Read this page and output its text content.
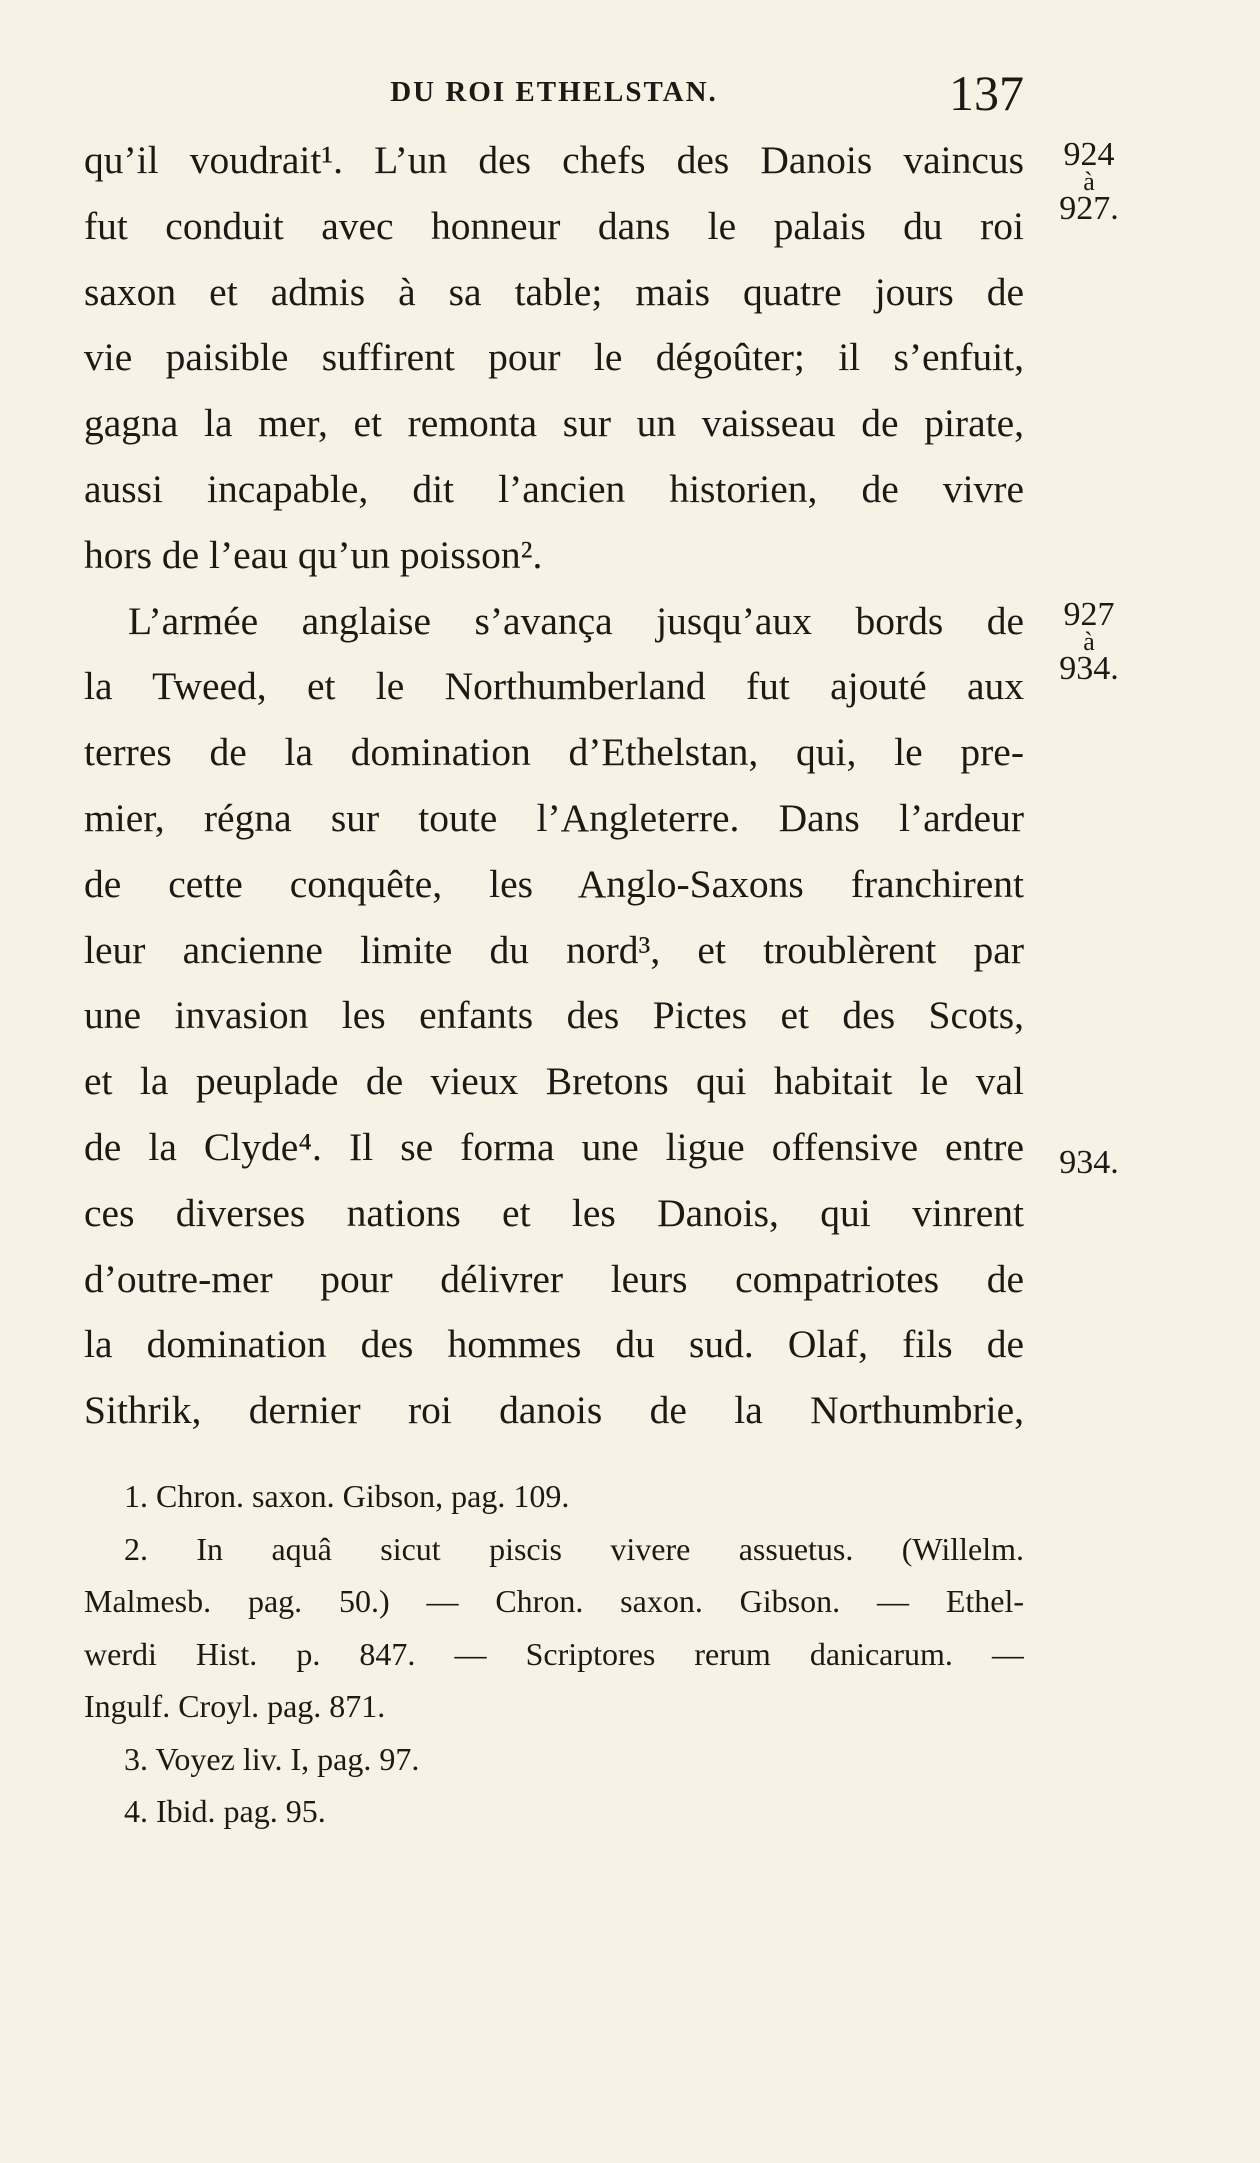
DU ROI ETHELSTAN.	137
qu’il voudrait¹. L’un des chefs des Danois vaincus
fut conduit avec honneur dans le palais du roi
saxon et admis à sa table; mais quatre jours de
vie paisible suffirent pour le dégoûter; il s’enfuit,
gagna la mer, et remonta sur un vaisseau de pirate,
aussi incapable, dit l’ancien historien, de vivre
hors de l’eau qu’un poisson².
L’armée anglaise s’avança jusqu’aux bords de
la Tweed, et le Northumberland fut ajouté aux
terres de la domination d’Ethelstan, qui, le pre-
mier, régna sur toute l’Angleterre. Dans l’ardeur
de cette conquête, les Anglo-Saxons franchirent
leur ancienne limite du nord³, et troublèrent par
une invasion les enfants des Pictes et des Scots,
et la peuplade de vieux Bretons qui habitait le val
de la Clyde⁴. Il se forma une ligue offensive entre
ces diverses nations et les Danois, qui vinrent
d’outre-mer pour délivrer leurs compatriotes de
la domination des hommes du sud. Olaf, fils de
Sithrik, dernier roi danois de la Northumbrie,
924
à
927.
927
à
934.
934.
1. Chron. saxon. Gibson, pag. 109.
2. In aquâ sicut piscis vivere assuetus. (Willelm.
Malmesb. pag. 50.) — Chron. saxon. Gibson. — Ethel-
werdi Hist. p. 847. — Scriptores rerum danicarum. —
Ingulf. Croyl. pag. 871.
3. Voyez liv. I, pag. 97.
4. Ibid. pag. 95.
